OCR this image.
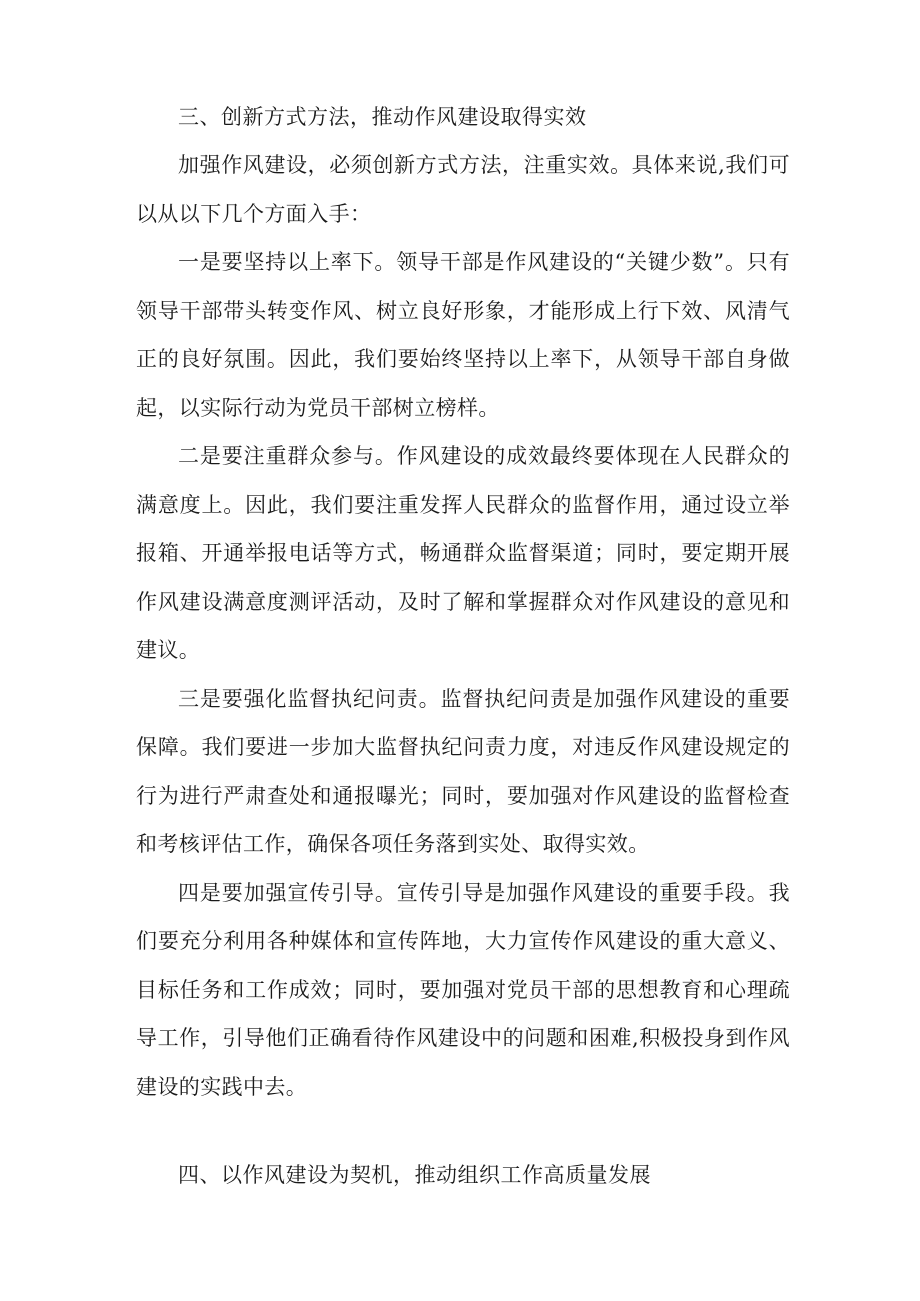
三、创新方式方法，推动作风建设取得实效

加强作风建设，必须创新方式方法，注重实效。具体来说,我们可以从以下几个方面入手：

一是要坚持以上率下。领导干部是作风建设的“关键少数”。只有领导干部带头转变作风、树立良好形象，才能形成上行下效、风清气正的良好氛围。因此，我们要始终坚持以上率下，从领导干部自身做起，以实际行动为党员干部树立榜样。

二是要注重群众参与。作风建设的成效最终要体现在人民群众的满意度上。因此，我们要注重发挥人民群众的监督作用，通过设立举报箱、开通举报电话等方式，畅通群众监督渠道；同时，要定期开展作风建设满意度测评活动，及时了解和掌握群众对作风建设的意见和建议。

三是要强化监督执纪问责。监督执纪问责是加强作风建设的重要保障。我们要进一步加大监督执纪问责力度，对违反作风建设规定的行为进行严肃查处和通报曝光；同时，要加强对作风建设的监督检查和考核评估工作，确保各项任务落到实处、取得实效。

四是要加强宣传引导。宣传引导是加强作风建设的重要手段。我们要充分利用各种媒体和宣传阵地，大力宣传作风建设的重大意义、目标任务和工作成效；同时，要加强对党员干部的思想教育和心理疏导工作，引导他们正确看待作风建设中的问题和困难,积极投身到作风建设的实践中去。

四、以作风建设为契机，推动组织工作高质量发展
